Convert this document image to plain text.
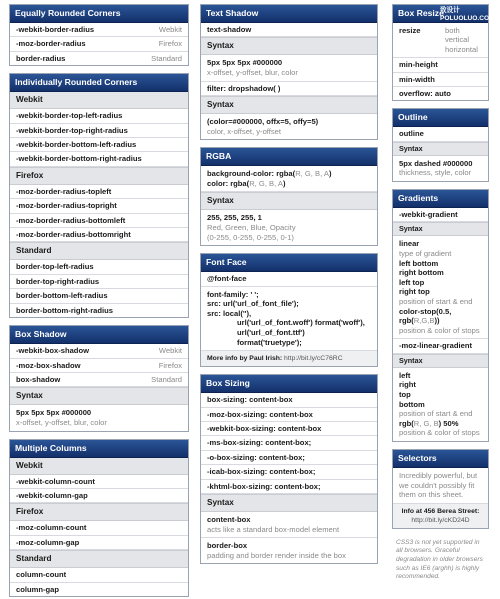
Equally Rounded Corners
-webkit-border-radius	Webkit
-moz-border-radius	Firefox
border-radius	Standard
Individually Rounded Corners
Webkit
-webkit-border-top-left-radius
-webkit-border-top-right-radius
-webkit-border-bottom-left-radius
-webkit-border-bottom-right-radius
Firefox
-moz-border-radius-topleft
-moz-border-radius-topright
-moz-border-radius-bottomleft
-moz-border-radius-bottomright
Standard
border-top-left-radius
border-top-right-radius
border-bottom-left-radius
border-bottom-right-radius
Box Shadow
-webkit-box-shadow	Webkit
-moz-box-shadow	Firefox
box-shadow	Standard
Syntax
5px 5px 5px #000000
x-offset, y-offset, blur, color
Multiple Columns
Webkit
-webkit-column-count
-webkit-column-gap
Firefox
-moz-column-count
-moz-column-gap
Standard
column-count
column-gap
Text Shadow
text-shadow
Syntax
5px 5px 5px #000000
x-offset, y-offset, blur, color
filter: dropshadow( )
Syntax
(color=#000000, offx=5, offy=5)
color, x-offset, y-offset
RGBA
background-color: rgba(R, G, B, A)
color: rgba(R, G, B, A)
Syntax
255, 255, 255, 1
Red, Green, Blue, Opacity
(0-255, 0-255, 0-255, 0-1)
Font Face
@font-face
font-family: ' ';
src: url('url_of_font_file');
src: local(''),
url('url_of_font.woff') format('woff'),
url('url_of_font.ttf') format('truetype');
More info by Paul Irish: http://bit.ly/cC76RC
Box Sizing
box-sizing: content-box
-moz-box-sizing: content-box
-webkit-box-sizing: content-box
-ms-box-sizing: content-box;
-o-box-sizing: content-box;
-icab-box-sizing: content-box;
-khtml-box-sizing: content-box;
Syntax
content-box
acts like a standard box-model element
border-box
padding and border render inside the box
Box Resize
resize	both
vertical
horizontal
min-height
min-width
overflow: auto
Outline
outline
Syntax
5px dashed #000000
thickness, style, color
Gradients
-webkit-gradient
Syntax
linear
type of gradient
left bottom
right bottom
left top
right top
position of start & end
color-stop(0.5, rgb(R,G,B))
position & color of stops
-moz-linear-gradient
Syntax
left
right
top
bottom
position of start & end
rgb(R, G, B) 50%
position & color of stops
Selectors
Incredibly powerful, but we couldn't possibly fit them on this sheet.
Info at 456 Berea Street:
http://bit.ly/cKD24D
CSS3 is not yet supported in all browsers. Graceful degradation in older browsers such as IE6 (arghh) is highly recommended.
致设计
POLUOLUO.COM
